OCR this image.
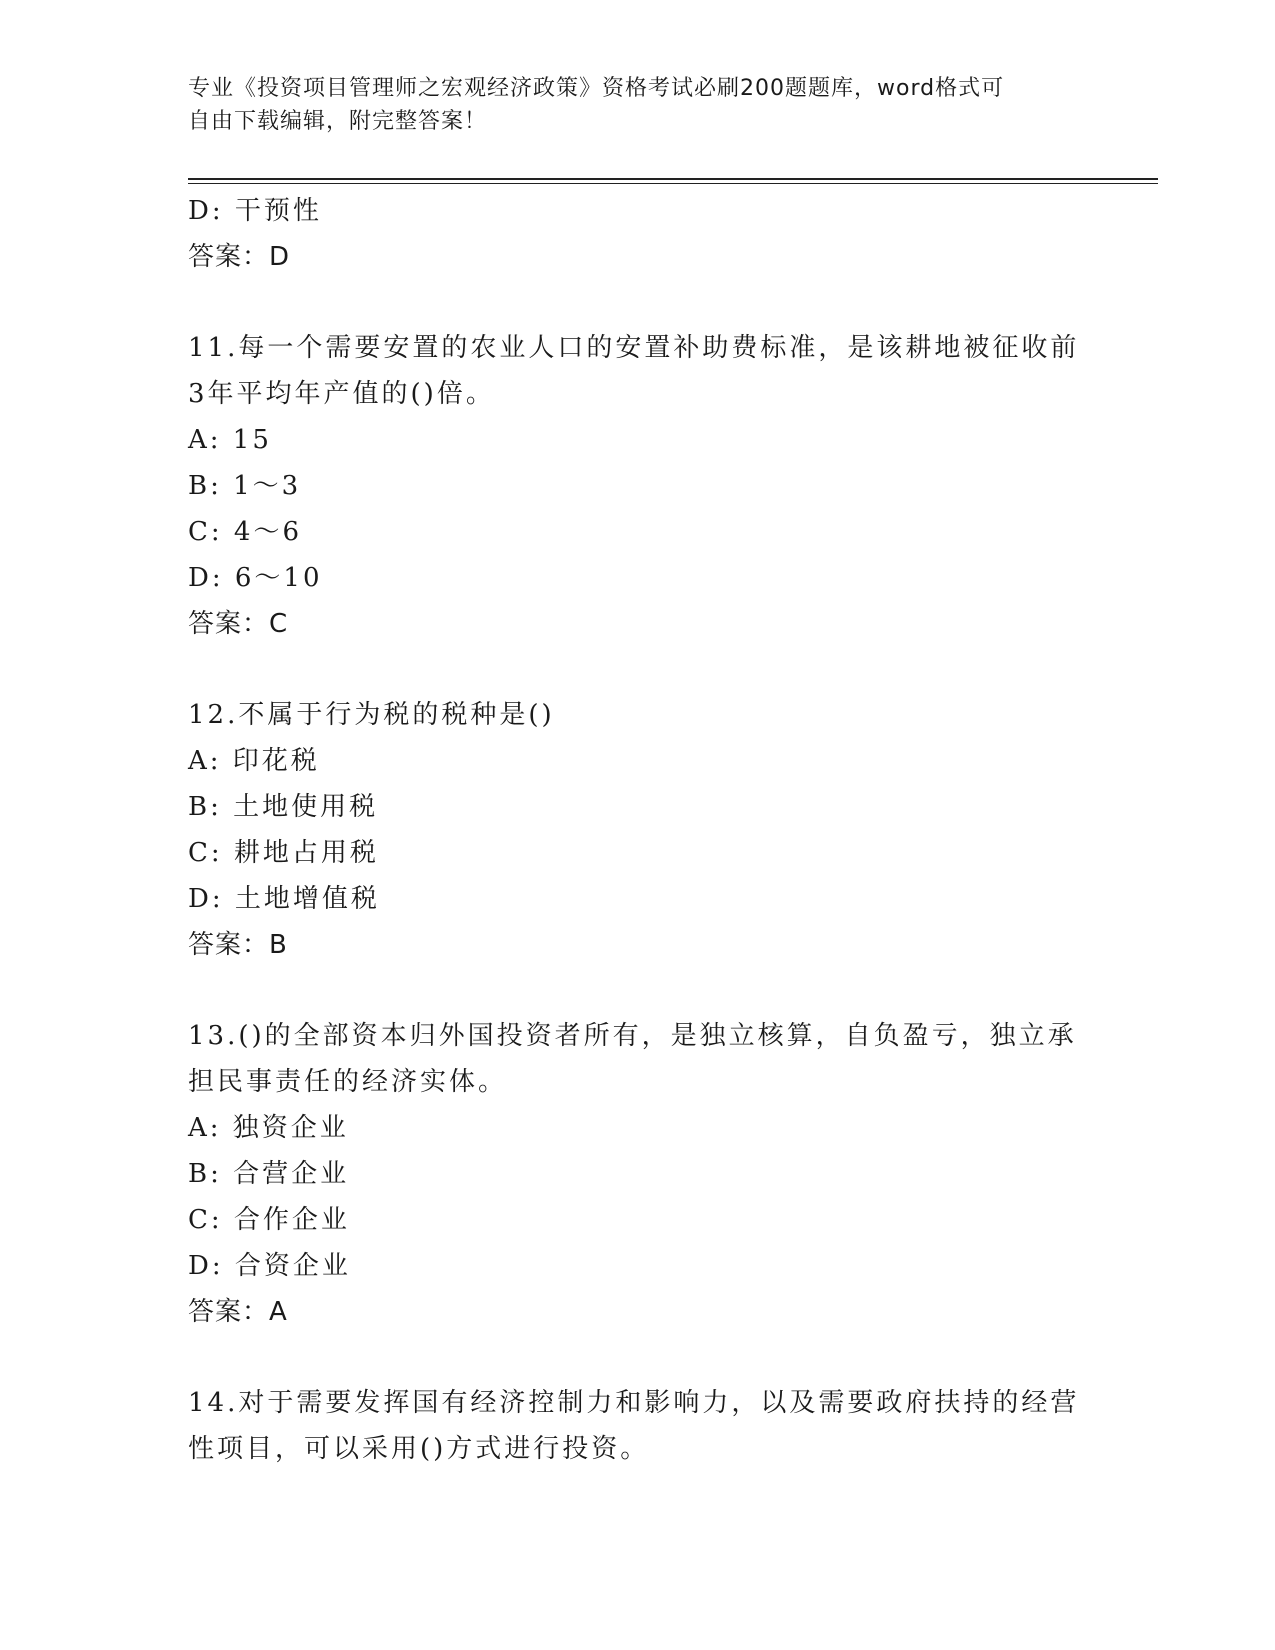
专业《投资项目管理师之宏观经济政策》资格考试必刷200题题库，word格式可
自由下载编辑，附完整答案！
D: 干预性
答案：D
11.每一个需要安置的农业人口的安置补助费标准，是该耕地被征收前
3年平均年产值的()倍。
A: 15
B: 1～3
C: 4～6
D: 6～10
答案：C
12.不属于行为税的税种是()
A: 印花税
B: 土地使用税
C: 耕地占用税
D: 土地增值税
答案：B
13.()的全部资本归外国投资者所有，是独立核算，自负盈亏，独立承
担民事责任的经济实体。
A: 独资企业
B: 合营企业
C: 合作企业
D: 合资企业
答案：A
14.对于需要发挥国有经济控制力和影响力，以及需要政府扶持的经营
性项目，可以采用()方式进行投资。
